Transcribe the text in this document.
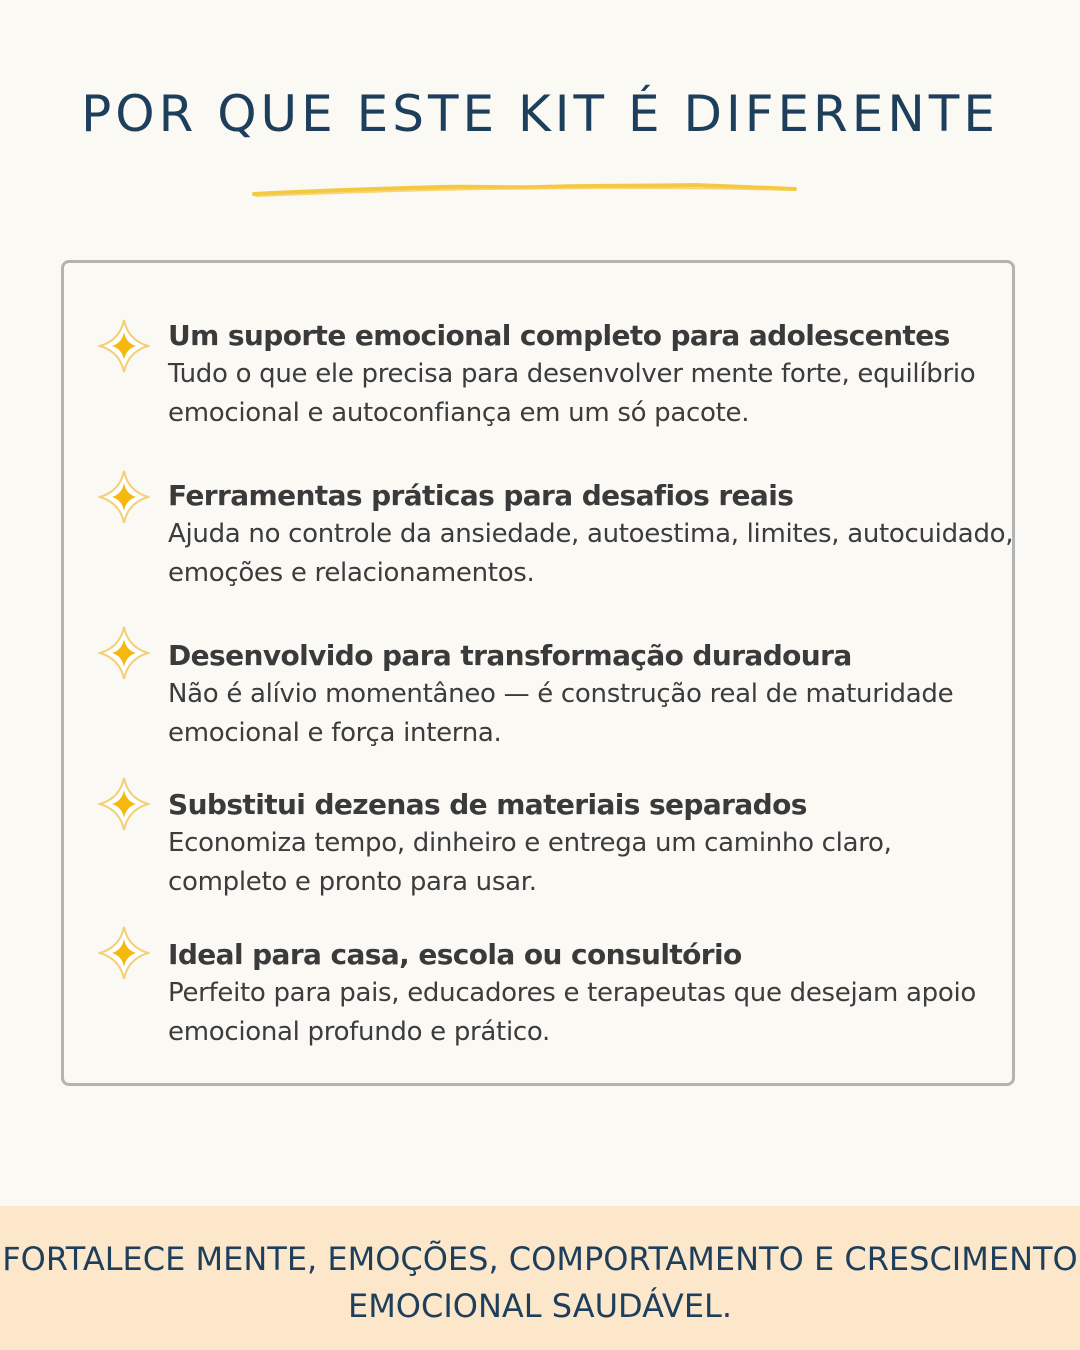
POR QUE ESTE KIT É DIFERENTE
Um suporte emocional completo para adolescentes

Tudo o que ele precisa para desenvolver mente forte, equilíbrio emocional e autoconfiança em um só pacote.

Ferramentas práticas para desafios reais

Ajuda no controle da ansiedade, autoestima, limites, autocuidado, emoções e relacionamentos.

Desenvolvido para transformação duradoura

Não é alívio momentâneo — é construção real de maturidade emocional e força interna.

Substitui dezenas de materiais separados

Economiza tempo, dinheiro e entrega um caminho claro, completo e pronto para usar.

Ideal para casa, escola ou consultório

Perfeito para pais, educadores e terapeutas que desejam apoio emocional profundo e prático.

FORTALECE MENTE, EMOÇÕES, COMPORTAMENTO E CRESCIMENTO
EMOCIONAL SAUDÁVEL.
